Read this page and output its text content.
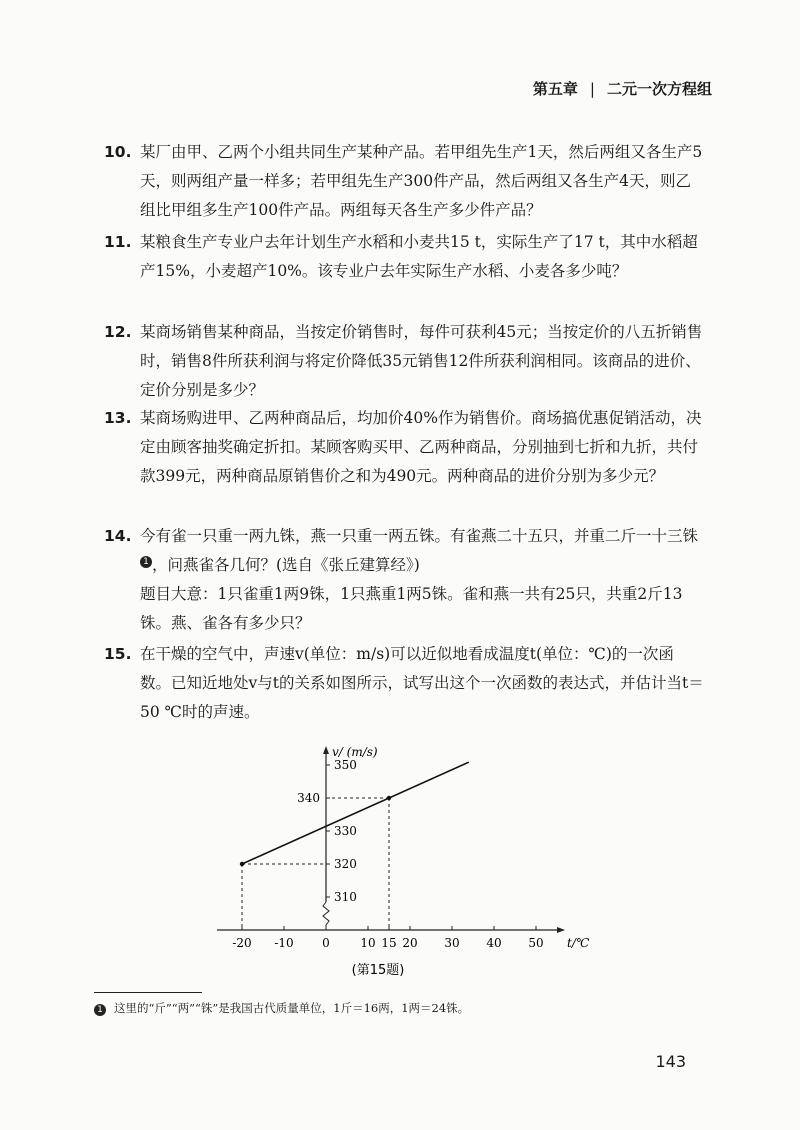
第五章 | 二元一次方程组
10. 某厂由甲、乙两个小组共同生产某种产品。若甲组先生产1天，然后两组又各生产5天，则两组产量一样多；若甲组先生产300件产品，然后两组又各生产4天，则乙组比甲组多生产100件产品。两组每天各生产多少件产品？
11. 某粮食生产专业户去年计划生产水稻和小麦共15 t，实际生产了17 t，其中水稻超产15%，小麦超产10%。该专业户去年实际生产水稻、小麦各多少吨？
12. 某商场销售某种商品，当按定价销售时，每件可获利45元；当按定价的八五折销售时，销售8件所获利润与将定价降低35元销售12件所获利润相同。该商品的进价、定价分别是多少？
13. 某商场购进甲、乙两种商品后，均加价40%作为销售价。商场搞优惠促销活动，决定由顾客抽奖确定折扣。某顾客购买甲、乙两种商品，分别抽到七折和九折，共付款399元，两种商品原销售价之和为490元。两种商品的进价分别为多少元？
14. 今有雀一只重一两九铢，燕一只重一两五铢。有雀燕二十五只，并重二斤一十三铢1 ，问燕雀各几何？(选自《张丘建算经》)
题目大意：1只雀重1两9铢，1只燕重1两5铢。雀和燕一共有25只，共重2斤13铢。燕、雀各有多少只？
15. 在干燥的空气中，声速v(单位：m/s)可以近似地看成温度t(单位：℃)的一次函数。已知近地处v与t的关系如图所示，试写出这个一次函数的表达式，并估计当t＝50 ℃时的声速。
-20 -10 0	10 15 20 30 40 50
310
320
330
340
350
v/ (m/s)
t/℃
(第15题)
1 这里的“斤”“两”“铢”是我国古代质量单位，1斤＝16两，1两＝24铢。
143
